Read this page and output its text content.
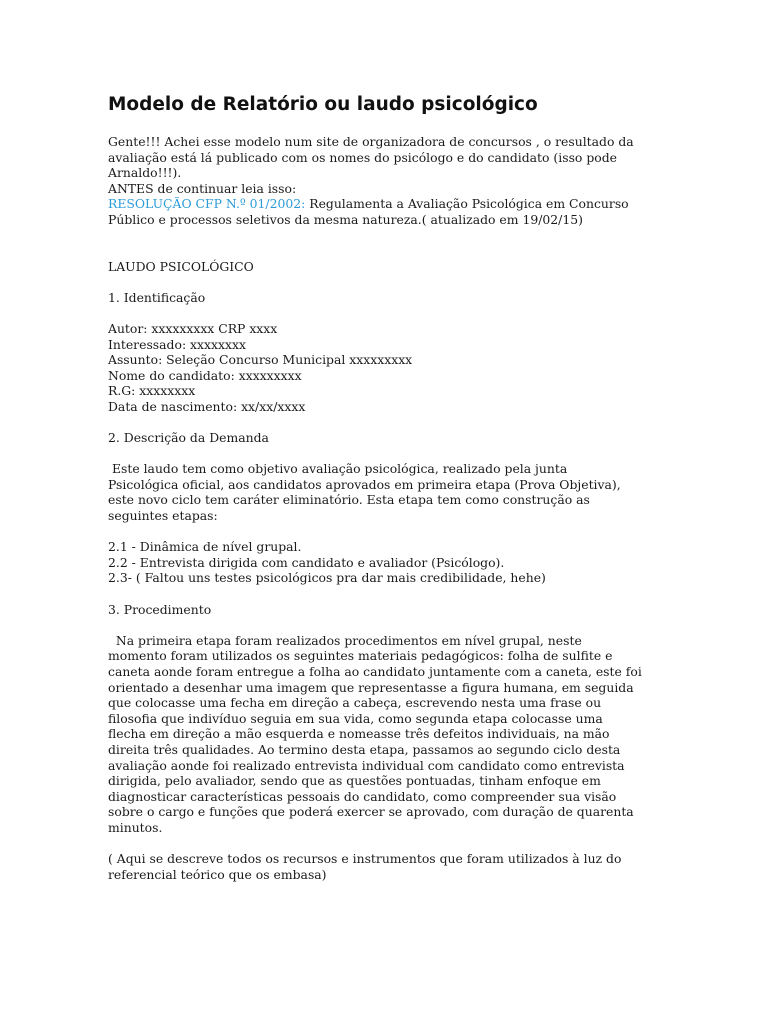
Modelo de Relatório ou laudo psicológico

Gente!!! Achei esse modelo num site de organizadora de concursos , o resultado da

avaliação está lá publicado com os nomes do psicólogo e do candidato (isso pode

Arnaldo!!!).

ANTES de continuar leia isso:

RESOLUÇÃO CFP N.º 01/2002: Regulamenta a Avaliação Psicológica em Concurso

Público e processos seletivos da mesma natureza.( atualizado em 19/02/15)

LAUDO PSICOLÓGICO

1. Identificação

Autor: xxxxxxxxx CRP xxxx

Interessado: xxxxxxxx

Assunto: Seleção Concurso Municipal xxxxxxxxx

Nome do candidato: xxxxxxxxx

R.G: xxxxxxxx

Data de nascimento: xx/xx/xxxx

2. Descrição da Demanda

Este laudo tem como objetivo avaliação psicológica, realizado pela junta

Psicológica oficial, aos candidatos aprovados em primeira etapa (Prova Objetiva),

este novo ciclo tem caráter eliminatório. Esta etapa tem como construção as

seguintes etapas:

2.1 - Dinâmica de nível grupal.

2.2 - Entrevista dirigida com candidato e avaliador (Psicólogo).

2.3- ( Faltou uns testes psicológicos pra dar mais credibilidade, hehe)

3. Procedimento

Na primeira etapa foram realizados procedimentos em nível grupal, neste

momento foram utilizados os seguintes materiais pedagógicos: folha de sulfite e

caneta aonde foram entregue a folha ao candidato juntamente com a caneta, este foi

orientado a desenhar uma imagem que representasse a figura humana, em seguida

que colocasse uma fecha em direção a cabeça, escrevendo nesta uma frase ou

filosofia que indivíduo seguia em sua vida, como segunda etapa colocasse uma

flecha em direção a mão esquerda e nomeasse três defeitos individuais, na mão

direita três qualidades. Ao termino desta etapa, passamos ao segundo ciclo desta

avaliação aonde foi realizado entrevista individual com candidato como entrevista

dirigida, pelo avaliador, sendo que as questões pontuadas, tinham enfoque em

diagnosticar características pessoais do candidato, como compreender sua visão

sobre o cargo e funções que poderá exercer se aprovado, com duração de quarenta

minutos.

( Aqui se descreve todos os recursos e instrumentos que foram utilizados à luz do

referencial teórico que os embasa)
